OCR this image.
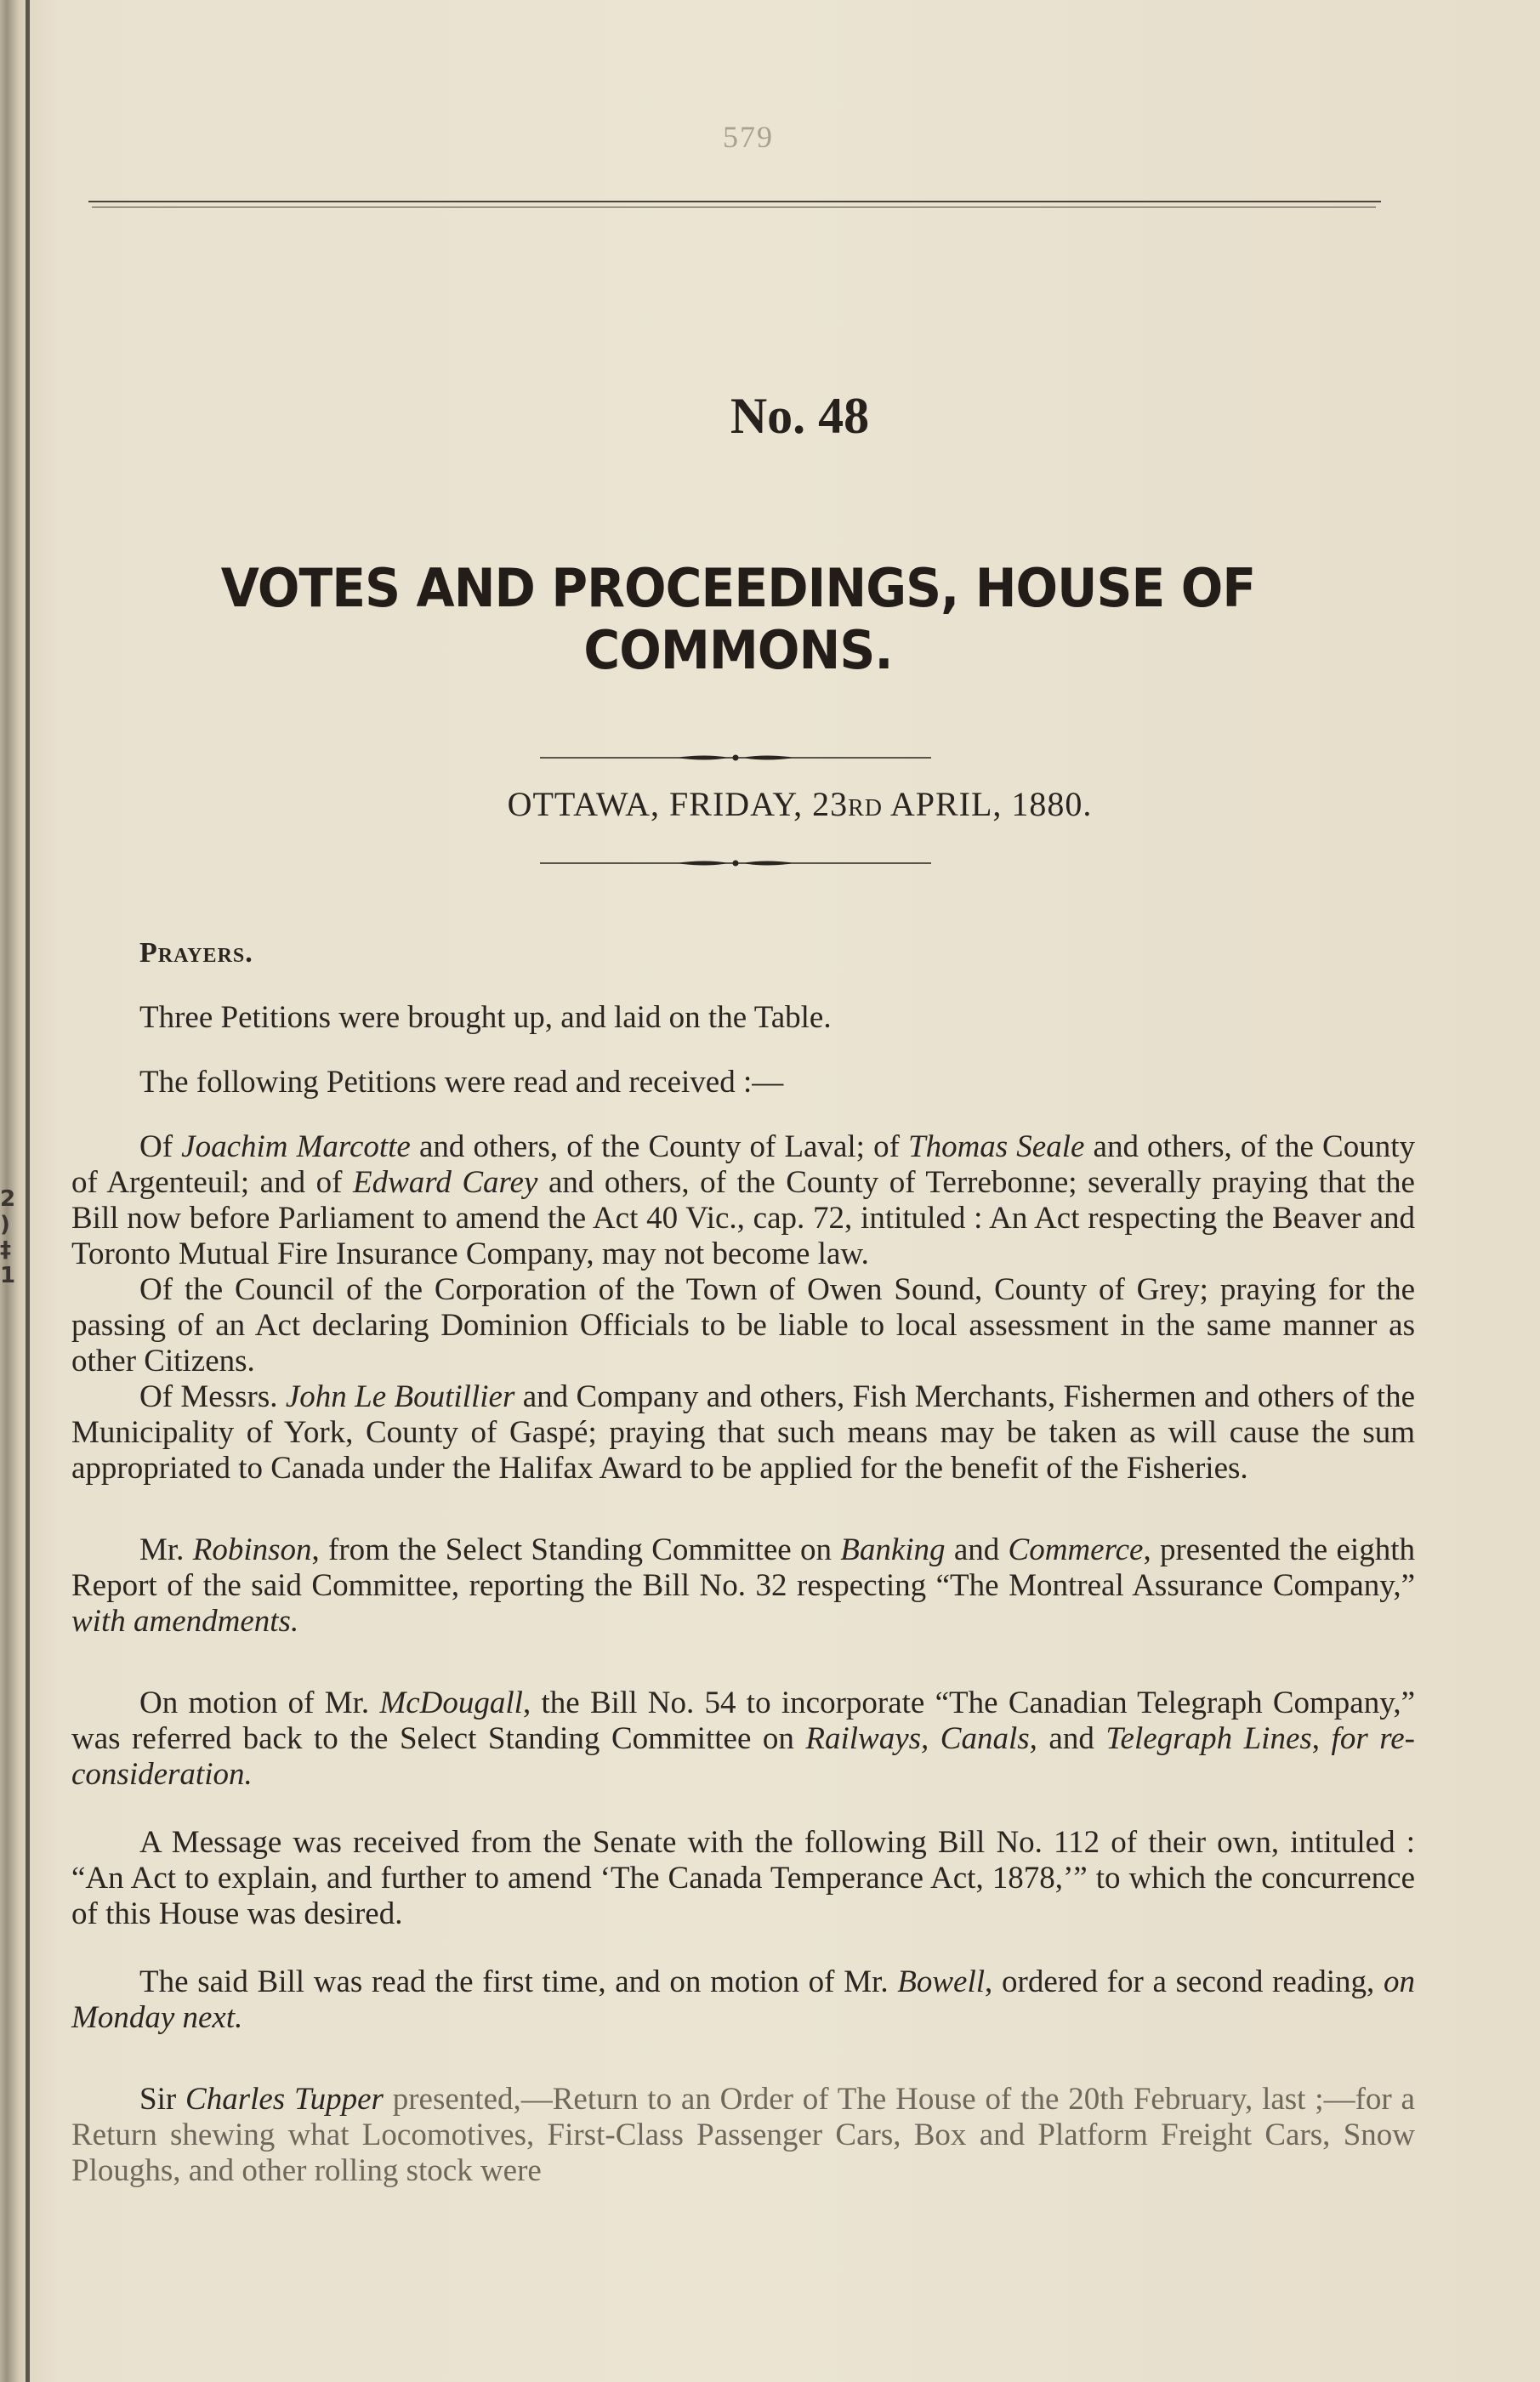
2
)
‡
1
579
No. 48
VOTES AND PROCEEDINGS, HOUSE OF COMMONS.
OTTAWA, FRIDAY, 23RD APRIL, 1880.

Prayers.

Three Petitions were brought up, and laid on the Table.

The following Petitions were read and received :—

Of Joachim Marcotte and others, of the County of Laval; of Thomas Seale and others, of the County of Argenteuil; and of Edward Carey and others, of the County of Terrebonne; severally praying that the Bill now before Parliament to amend the Act 40 Vic., cap. 72, intituled : An Act respecting the Beaver and Toronto Mutual Fire Insurance Company, may not become law.

Of the Council of the Corporation of the Town of Owen Sound, County of Grey; praying for the passing of an Act declaring Dominion Officials to be liable to local assessment in the same manner as other Citizens.

Of Messrs. John Le Boutillier and Company and others, Fish Merchants, Fishermen and others of the Municipality of York, County of Gaspé; praying that such means may be taken as will cause the sum appropriated to Canada under the Halifax Award to be applied for the benefit of the Fisheries.

Mr. Robinson, from the Select Standing Committee on Banking and Commerce, presented the eighth Report of the said Committee, reporting the Bill No. 32 respecting “The Montreal Assurance Company,” with amendments.

On motion of Mr. McDougall, the Bill No. 54 to incorporate “The Canadian Telegraph Company,” was referred back to the Select Standing Committee on Railways, Canals, and Telegraph Lines, for re-consideration.

A Message was received from the Senate with the following Bill No. 112 of their own, intituled : “An Act to explain, and further to amend ‘The Canada Temperance Act, 1878,’” to which the concurrence of this House was desired.

The said Bill was read the first time, and on motion of Mr. Bowell, ordered for a second reading, on Monday next.

Sir Charles Tupper presented,—Return to an Order of The House of the 20th February, last ;—for a Return shewing what Locomotives, First-Class Passenger Cars, Box and Platform Freight Cars, Snow Ploughs, and other rolling stock were
